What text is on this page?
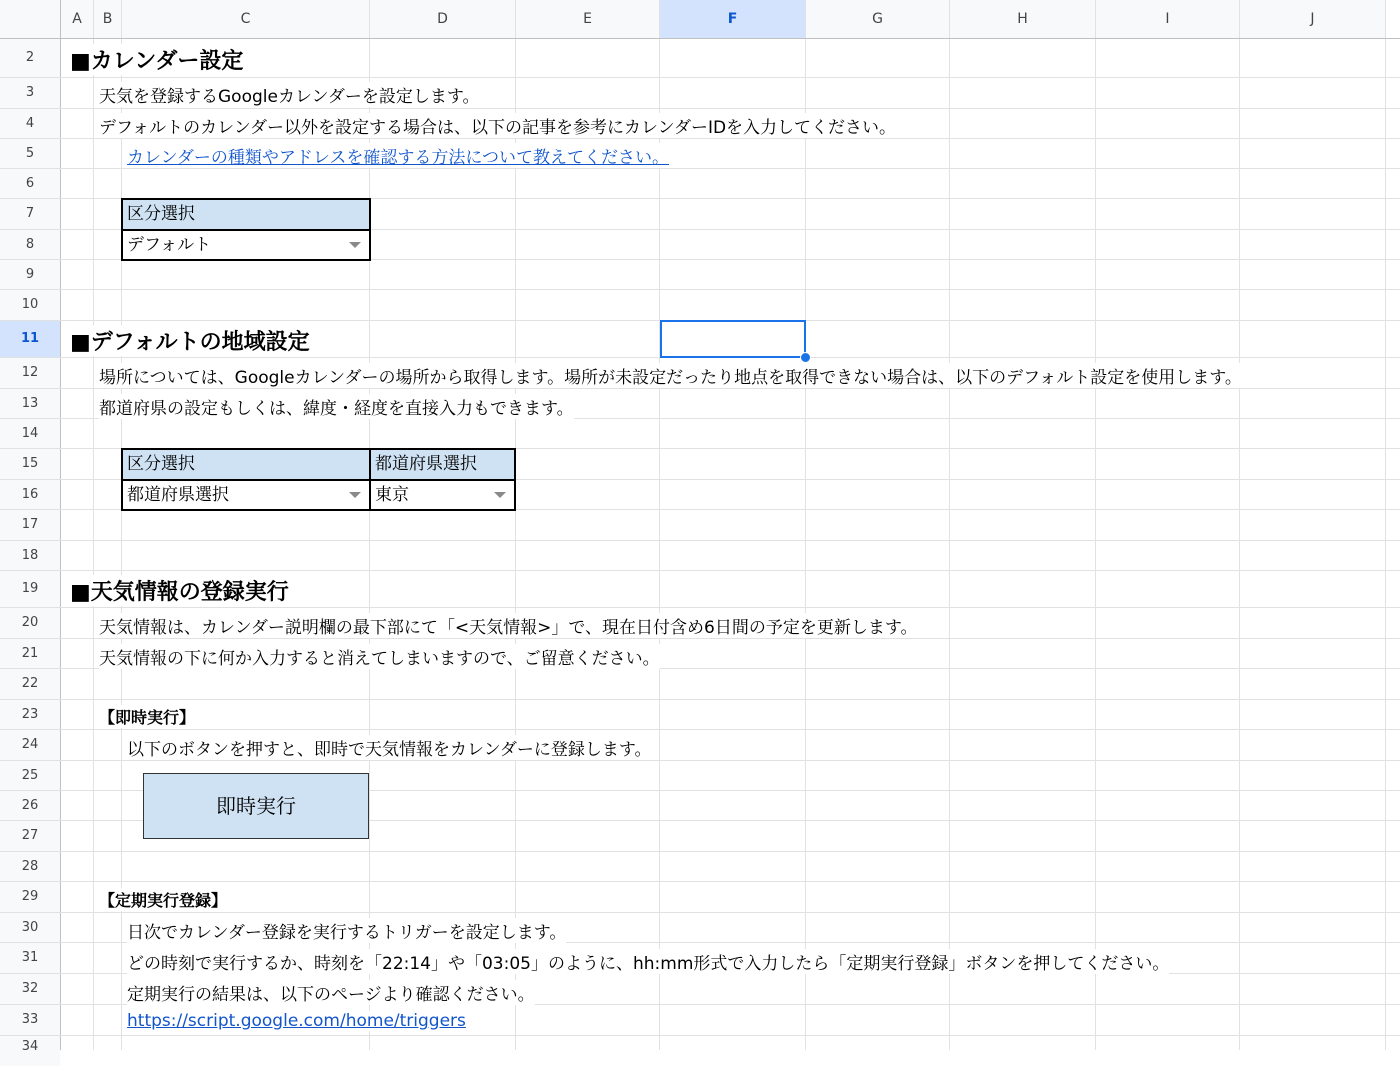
A	B	C	D	E	F	G	H	I	J
2
3
4
5
6
7
8
9
10
11
12
13
14
15
16
17
18
19
20
21
22
23
24
25
26
27
28
29
30
31
32
33
34
■カレンダー設定
天気を登録するGoogleカレンダーを設定します。
デフォルトのカレンダー以外を設定する場合は、以下の記事を参考にカレンダーIDを入力してください。
カレンダーの種類やアドレスを確認する方法について教えてください。
区分選択
デフォルト
■デフォルトの地域設定
場所については、Googleカレンダーの場所から取得します。場所が未設定だったり地点を取得できない場合は、以下のデフォルト設定を使用します。
都道府県の設定もしくは、緯度・経度を直接入力もできます。
区分選択	都道府県選択
都道府県選択	東京
■天気情報の登録実行
天気情報は、カレンダー説明欄の最下部にて「<天気情報>」で、現在日付含め6日間の予定を更新します。
天気情報の下に何か入力すると消えてしまいますので、ご留意ください。
【即時実行】
以下のボタンを押すと、即時で天気情報をカレンダーに登録します。
即時実行
【定期実行登録】
日次でカレンダー登録を実行するトリガーを設定します。
どの時刻で実行するか、時刻を「22:14」や「03:05」のように、hh:mm形式で入力したら「定期実行登録」ボタンを押してください。
定期実行の結果は、以下のページより確認ください。
https://script.google.com/home/triggers
